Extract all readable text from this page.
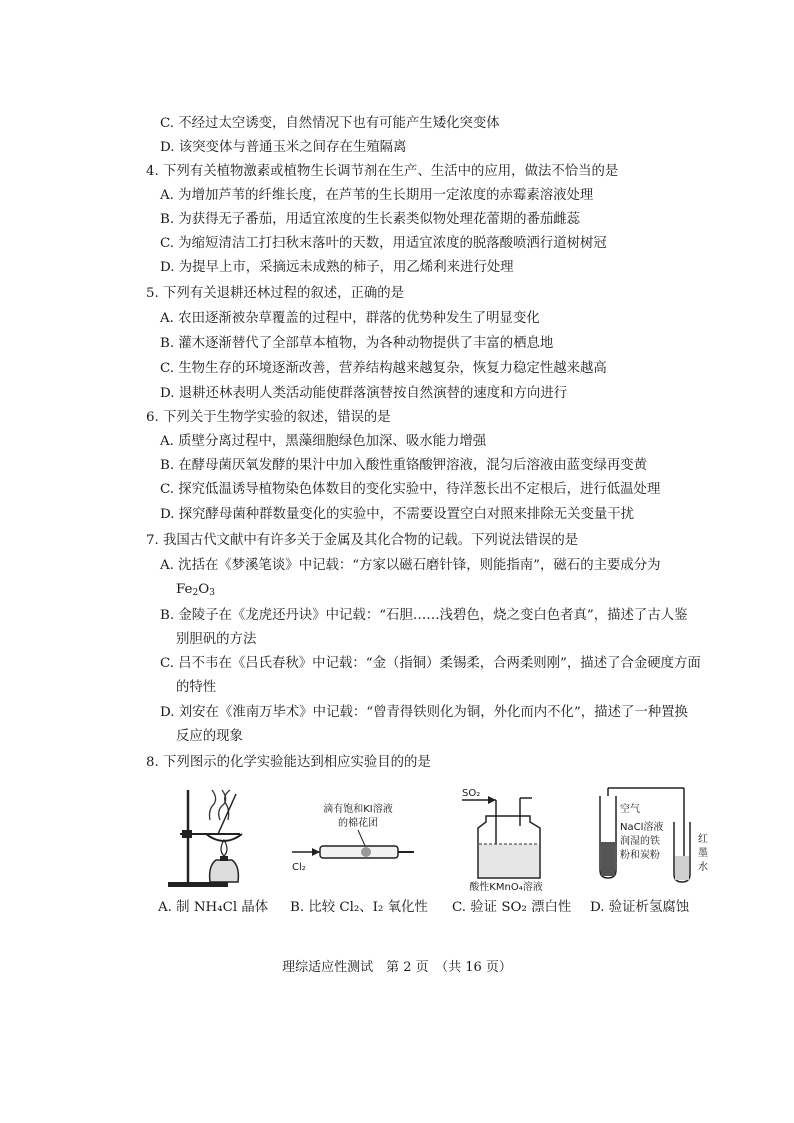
C. 不经过太空诱变，自然情况下也有可能产生矮化突变体
D. 该突变体与普通玉米之间存在生殖隔离
4. 下列有关植物激素或植物生长调节剂在生产、生活中的应用，做法不恰当的是
A. 为增加芦苇的纤维长度，在芦苇的生长期用一定浓度的赤霉素溶液处理
B. 为获得无子番茄，用适宜浓度的生长素类似物处理花蕾期的番茄雌蕊
C. 为缩短清洁工打扫秋末落叶的天数，用适宜浓度的脱落酸喷洒行道树树冠
D. 为提早上市，采摘远未成熟的柿子，用乙烯利来进行处理
5. 下列有关退耕还林过程的叙述，正确的是
A. 农田逐渐被杂草覆盖的过程中，群落的优势种发生了明显变化
B. 灌木逐渐替代了全部草本植物，为各种动物提供了丰富的栖息地
C. 生物生存的环境逐渐改善，营养结构越来越复杂，恢复力稳定性越来越高
D. 退耕还林表明人类活动能使群落演替按自然演替的速度和方向进行
6. 下列关于生物学实验的叙述，错误的是
A. 质壁分离过程中，黑藻细胞绿色加深、吸水能力增强
B. 在酵母菌厌氧发酵的果汁中加入酸性重铬酸钾溶液，混匀后溶液由蓝变绿再变黄
C. 探究低温诱导植物染色体数目的变化实验中，待洋葱长出不定根后，进行低温处理
D. 探究酵母菌种群数量变化的实验中，不需要设置空白对照来排除无关变量干扰
7. 我国古代文献中有许多关于金属及其化合物的记载。下列说法错误的是
A. 沈括在《梦溪笔谈》中记载：“方家以磁石磨针锋，则能指南”，磁石的主要成分为
$Fe_2O_3$
B. 金陵子在《龙虎还丹诀》中记载：“石胆……浅碧色，烧之变白色者真”，描述了古人鉴
别胆矾的方法
C. 吕不韦在《吕氏春秋》中记载：“金（指铜）柔锡柔，合两柔则刚”，描述了合金硬度方面
的特性
D. 刘安在《淮南万毕术》中记载：“曾青得铁则化为铜，外化而内不化”，描述了一种置换
反应的现象
8. 下列图示的化学实验能达到相应实验目的的是
A. 制 NH₄Cl 晶体
滴有饱和KI溶液
的棉花团
Cl₂
B. 比较 Cl₂、I₂ 氧化性
SO₂
酸性KMnO₄溶液
C. 验证 SO₂ 漂白性
空气
NaCl溶液
润湿的铁
粉和炭粉
红
墨
水
D. 验证析氢腐蚀
理综适应性测试　第 2 页　（共 16 页）
